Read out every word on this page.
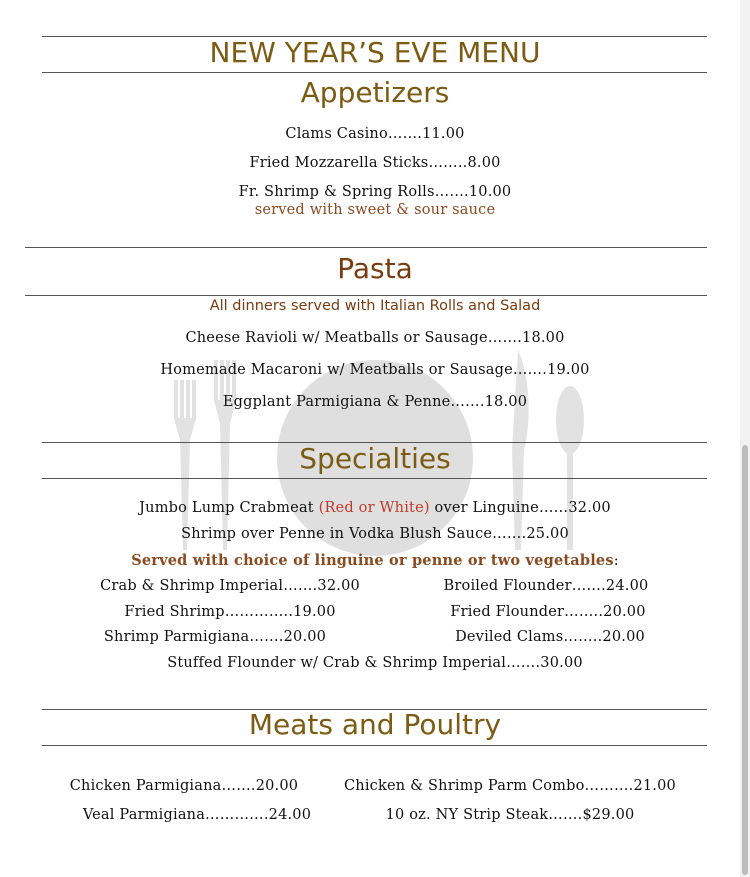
NEW YEAR’S EVE MENU
Appetizers
Clams Casino…….11.00
Fried Mozzarella Sticks……..8.00
Fr. Shrimp & Spring Rolls…….10.00
served with sweet & sour sauce
Pasta
All dinners served with Italian Rolls and Salad
Cheese Ravioli w/ Meatballs or Sausage…….18.00
Homemade Macaroni w/ Meatballs or Sausage…….19.00
Eggplant Parmigiana & Penne…….18.00
Specialties
Jumbo Lump Crabmeat (Red or White) over Linguine……32.00
Shrimp over Penne in Vodka Blush Sauce…….25.00
Served with choice of linguine or penne or two vegetables:
Crab & Shrimp Imperial…….32.00
Fried Shrimp…………..19.00
Shrimp Parmigiana…….20.00
Broiled Flounder…….24.00
Fried Flounder……..20.00
Deviled Clams……..20.00
Stuffed Flounder w/ Crab & Shrimp Imperial…….30.00
Meats and Poultry
Chicken Parmigiana…….20.00
Veal Parmigiana………….24.00
Chicken & Shrimp Parm Combo……….21.00
10 oz. NY Strip Steak…….$29.00
